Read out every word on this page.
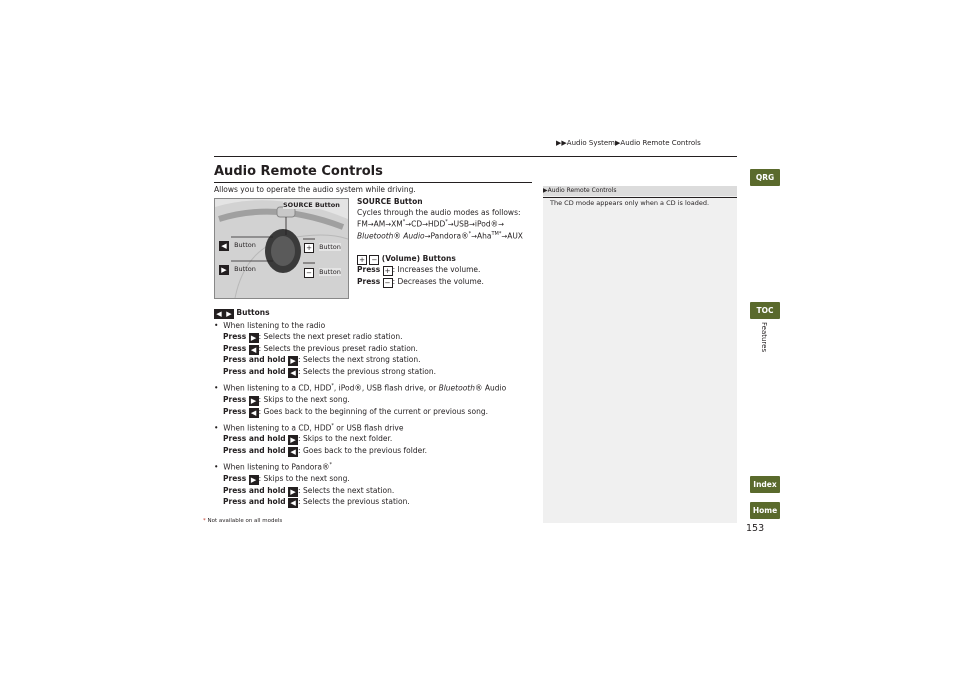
▶▶Audio System▶Audio Remote Controls
Audio Remote Controls
Allows you to operate the audio system while driving.
SOURCE Button
◀ Button
▶ Button
+ Button
− Button
SOURCE Button
Cycles through the audio modes as follows:
FM→AM→XM*→CD→HDD*→USB→iPod®→
Bluetooth® Audio→Pandora®*→Aha$^{TM*}$→AUX
+ − (Volume) Buttons
Press + : Increases the volume.
Press − : Decreases the volume.
◀ ▶ Buttons
• When listening to the radio
Press ▶ : Selects the next preset radio station.
Press ◀ : Selects the previous preset radio station.
Press and hold ▶ : Selects the next strong station.
Press and hold ◀ : Selects the previous strong station.
• When listening to a CD, HDD*, iPod®, USB flash drive, or Bluetooth® Audio
Press ▶ : Skips to the next song.
Press ◀ : Goes back to the beginning of the current or previous song.
• When listening to a CD, HDD* or USB flash drive
Press and hold ▶ : Skips to the next folder.
Press and hold ◀ : Goes back to the previous folder.
• When listening to Pandora®*
Press ▶ : Skips to the next song.
Press and hold ▶ : Selects the next station.
Press and hold ◀ : Selects the previous station.
* Not available on all models
▶Audio Remote Controls
The CD mode appears only when a CD is loaded.
QRG
TOC
Features
Index
Home
153
